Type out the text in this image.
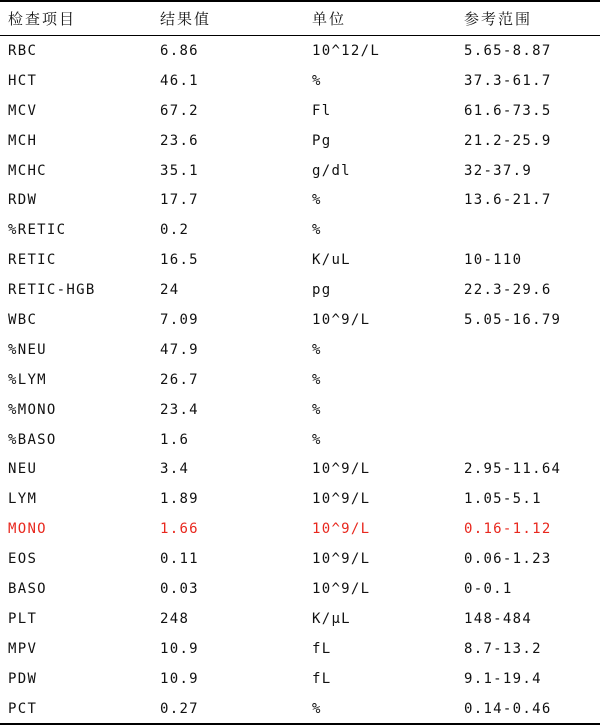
检查项目	结果值	单位	参考范围
RBC	6.86	10^12/L	5.65-8.87
HCT	46.1	%	37.3-61.7
MCV	67.2	Fl	61.6-73.5
MCH	23.6	Pg	21.2-25.9
MCHC	35.1	g/dl	32-37.9
RDW	17.7	%	13.6-21.7
%RETIC	0.2	%	
RETIC	16.5	K/uL	10-110
RETIC-HGB	24	pg	22.3-29.6
WBC	7.09	10^9/L	5.05-16.79
%NEU	47.9	%	
%LYM	26.7	%	
%MONO	23.4	%	
%BASO	1.6	%	
NEU	3.4	10^9/L	2.95-11.64
LYM	1.89	10^9/L	1.05-5.1
MONO	1.66	10^9/L	0.16-1.12
EOS	0.11	10^9/L	0.06-1.23
BASO	0.03	10^9/L	0-0.1
PLT	248	K/μL	148-484
MPV	10.9	fL	8.7-13.2
PDW	10.9	fL	9.1-19.4
PCT	0.27	%	0.14-0.46
